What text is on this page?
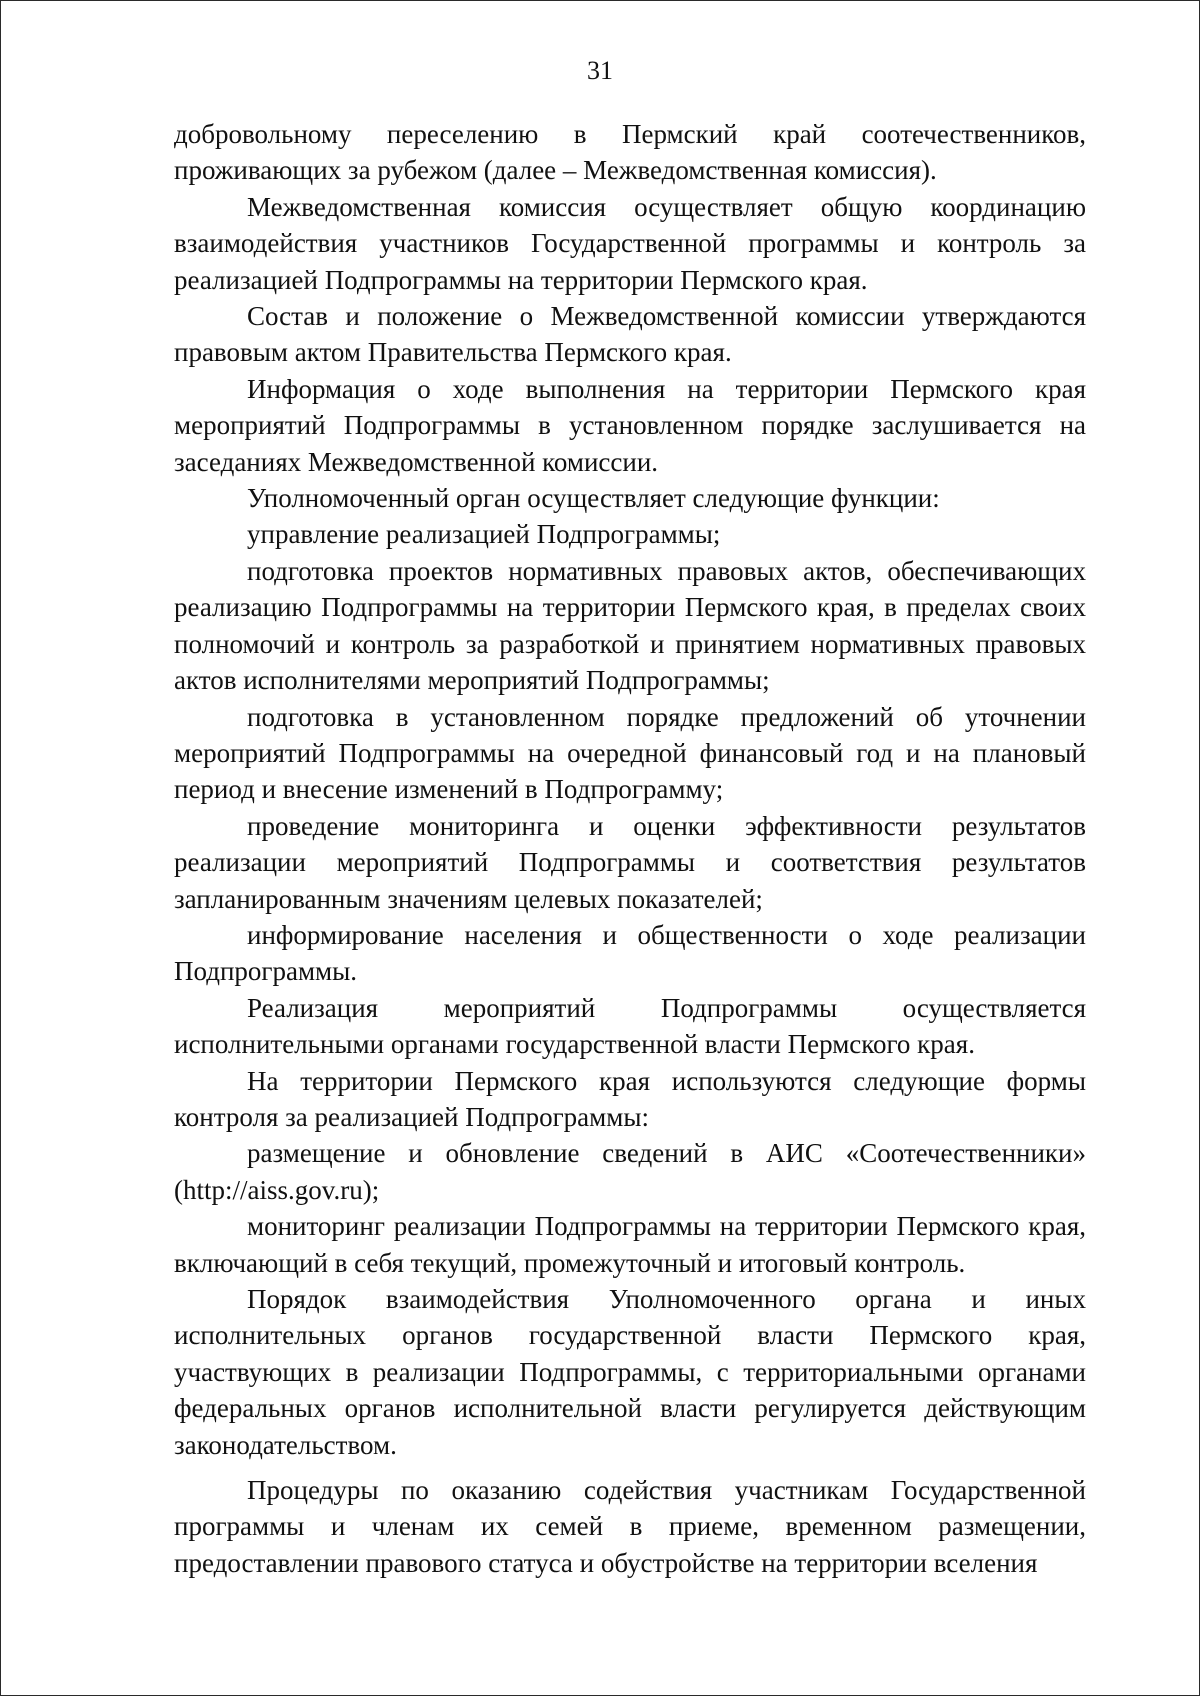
31

добровольному переселению в Пермский край соотечественников, проживающих за рубежом (далее – Межведомственная комиссия).

Межведомственная комиссия осуществляет общую координацию взаимодействия участников Государственной программы и контроль за реализацией Подпрограммы на территории Пермского края.

Состав и положение о Межведомственной комиссии утверждаются правовым актом Правительства Пермского края.

Информация о ходе выполнения на территории Пермского края мероприятий Подпрограммы в установленном порядке заслушивается на заседаниях Межведомственной комиссии.

Уполномоченный орган осуществляет следующие функции:

управление реализацией Подпрограммы;

подготовка проектов нормативных правовых актов, обеспечивающих реализацию Подпрограммы на территории Пермского края, в пределах своих полномочий и контроль за разработкой и принятием нормативных правовых актов исполнителями мероприятий Подпрограммы;

подготовка в установленном порядке предложений об уточнении мероприятий Подпрограммы на очередной финансовый год и на плановый период и внесение изменений в Подпрограмму;

проведение мониторинга и оценки эффективности результатов реализации мероприятий Подпрограммы и соответствия результатов запланированным значениям целевых показателей;

информирование населения и общественности о ходе реализации Подпрограммы.

Реализация мероприятий Подпрограммы осуществляется исполнительными органами государственной власти Пермского края.

На территории Пермского края используются следующие формы контроля за реализацией Подпрограммы:

размещение и обновление сведений в АИС «Соотечественники» (http://aiss.gov.ru);

мониторинг реализации Подпрограммы на территории Пермского края, включающий в себя текущий, промежуточный и итоговый контроль.

Порядок взаимодействия Уполномоченного органа и иных исполнительных органов государственной власти Пермского края, участвующих в реализации Подпрограммы, с территориальными органами федеральных органов исполнительной власти регулируется действующим законодательством.

Процедуры по оказанию содействия участникам Государственной программы и членам их семей в приеме, временном размещении, предоставлении правового статуса и обустройстве на территории вселения
